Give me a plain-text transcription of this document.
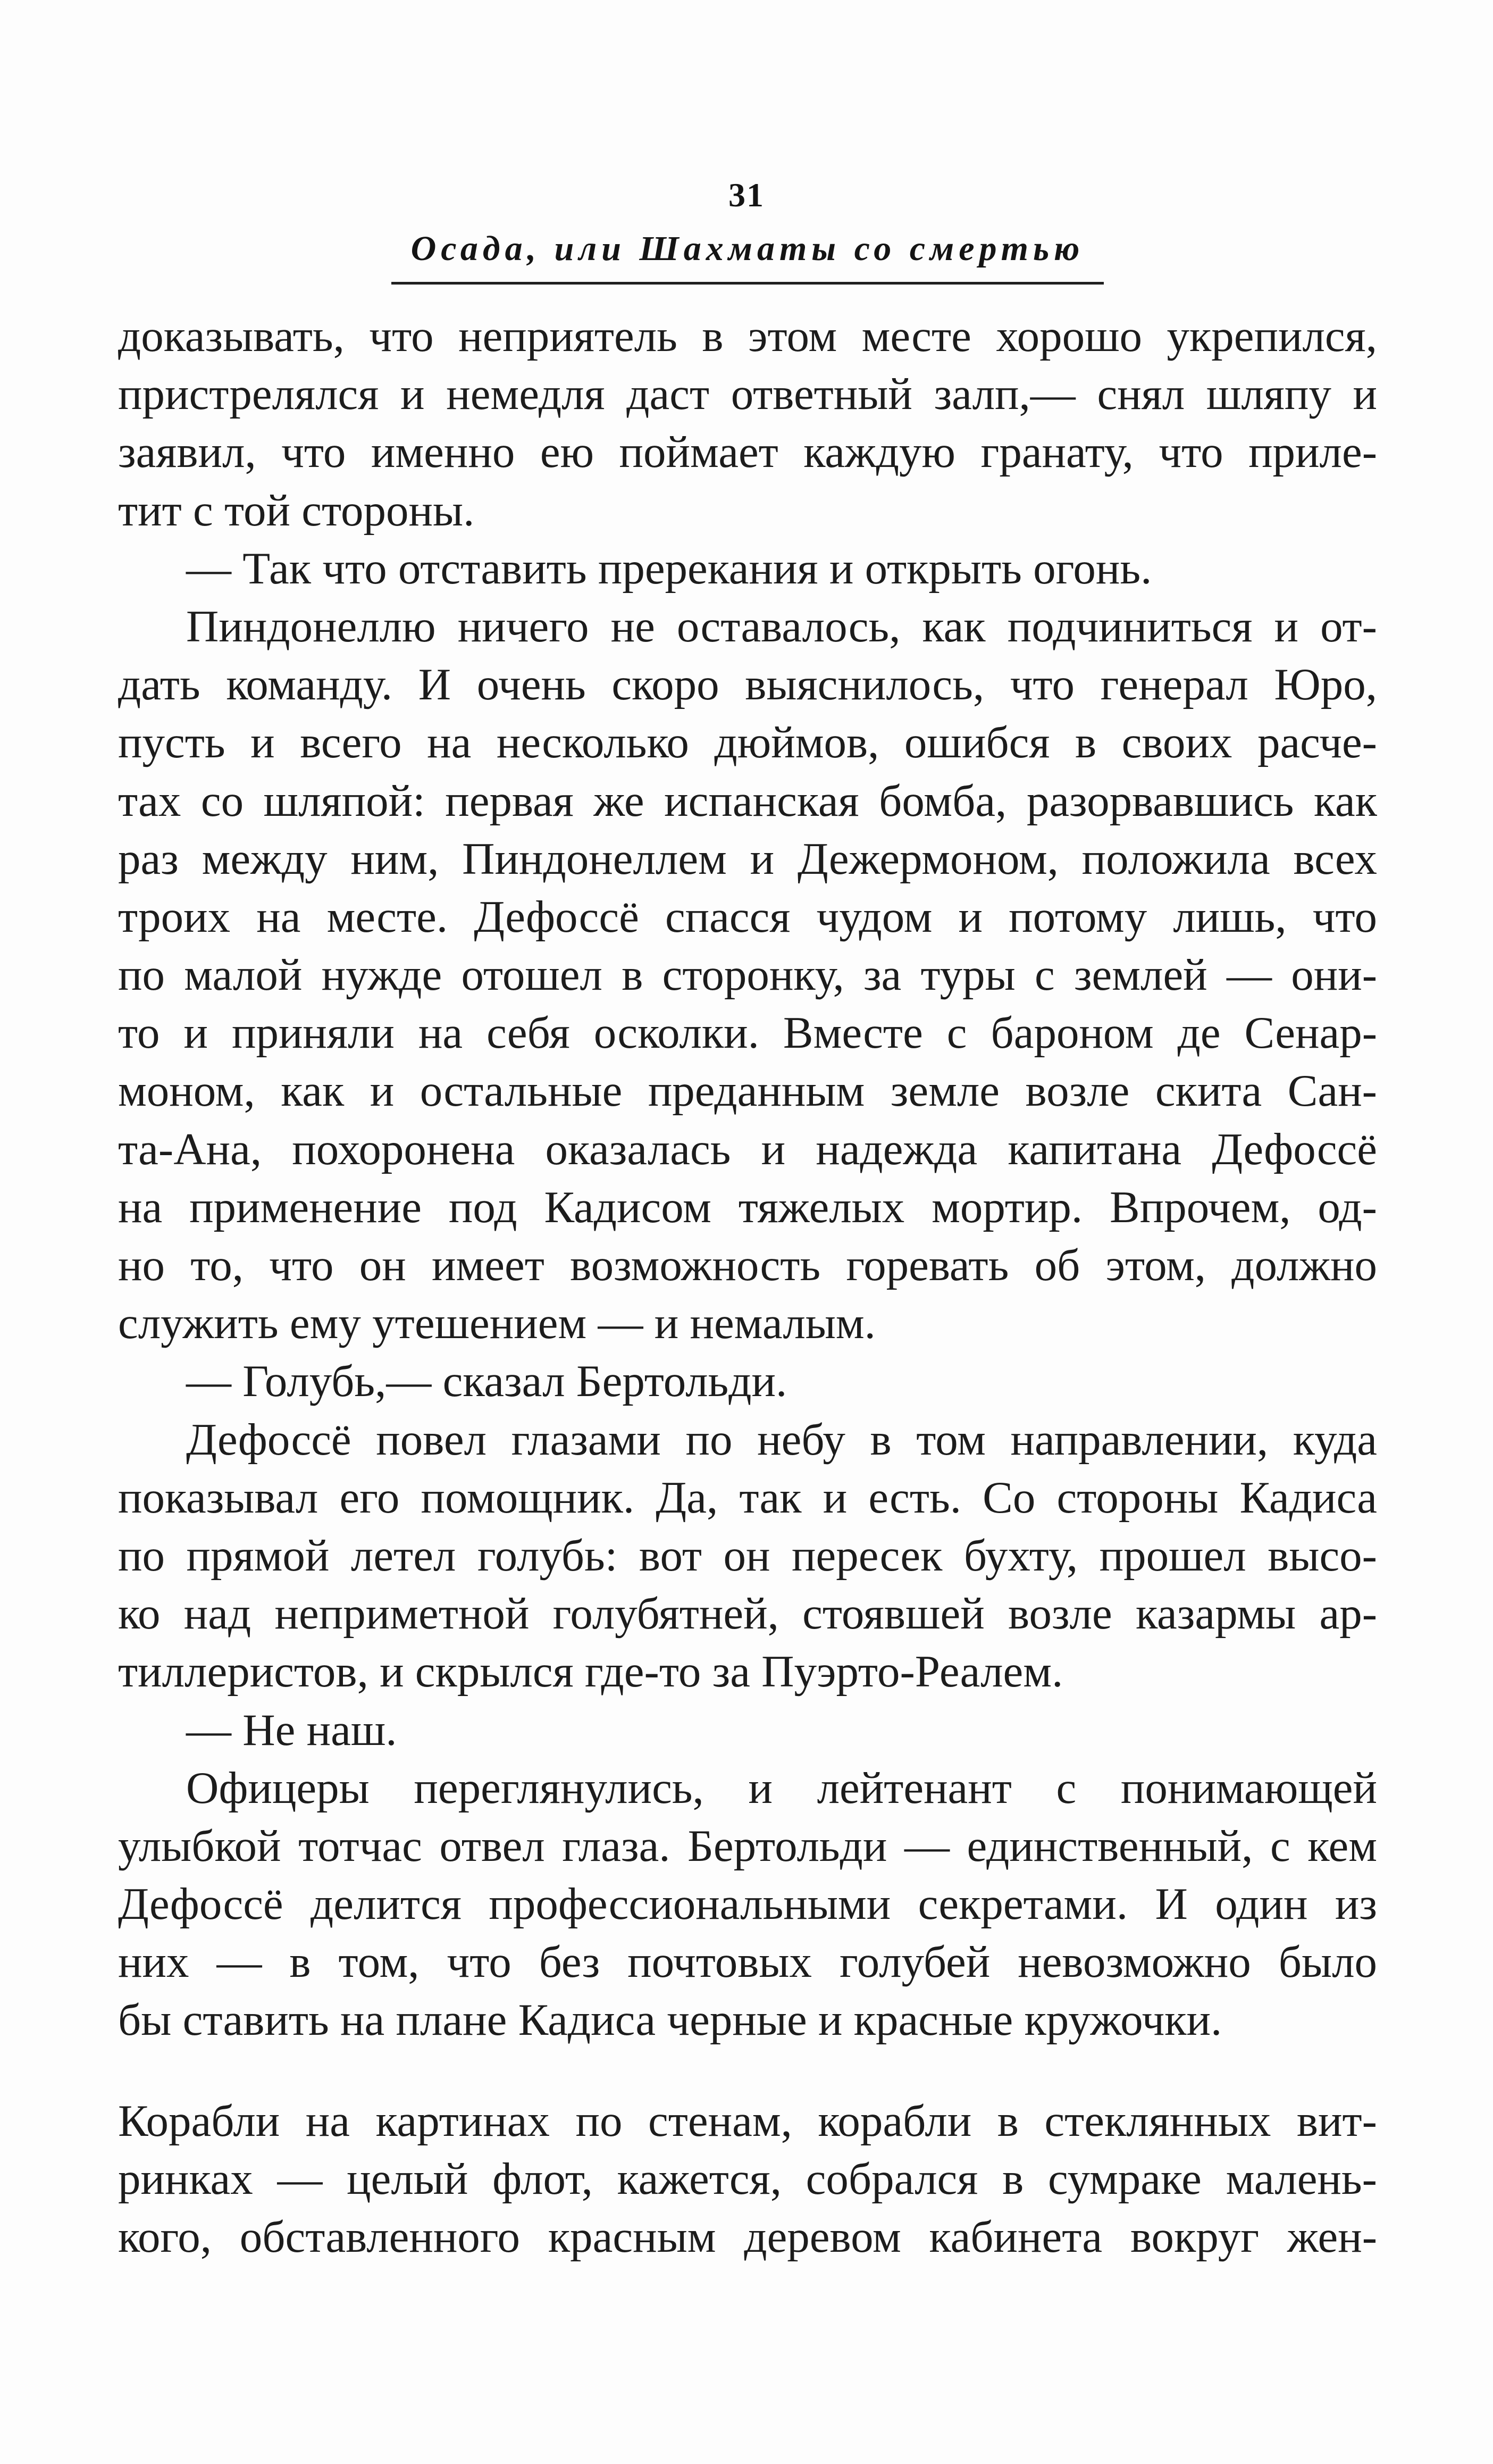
31
Осада, или Шахматы со смертью
доказывать, что неприятель в этом месте хорошо укрепился,
пристрелялся и немедля даст ответный залп,— снял шляпу и
заявил, что именно ею поймает каждую гранату, что приле-
тит с той стороны.
— Так что отставить пререкания и открыть огонь.
Пиндонеллю ничего не оставалось, как подчиниться и от-
дать команду. И очень скоро выяснилось, что генерал Юро,
пусть и всего на несколько дюймов, ошибся в своих расче-
тах со шляпой: первая же испанская бомба, разорвавшись как
раз между ним, Пиндонеллем и Дежермоном, положила всех
троих на месте. Дефоссё спасся чудом и потому лишь, что
по малой нужде отошел в сторонку, за туры с землей — они-
то и приняли на себя осколки. Вместе с бароном де Сенар-
моном, как и остальные преданным земле возле скита Сан-
та-Ана, похоронена оказалась и надежда капитана Дефоссё
на применение под Кадисом тяжелых мортир. Впрочем, од-
но то, что он имеет возможность горевать об этом, должно
служить ему утешением — и немалым.
— Голубь,— сказал Бертольди.
Дефоссё повел глазами по небу в том направлении, куда
показывал его помощник. Да, так и есть. Со стороны Кадиса
по прямой летел голубь: вот он пересек бухту, прошел высо-
ко над неприметной голубятней, стоявшей возле казармы ар-
тиллеристов, и скрылся где-то за Пуэрто-Реалем.
— Не наш.
Офицеры переглянулись, и лейтенант с понимающей
улыбкой тотчас отвел глаза. Бертольди — единственный, с кем
Дефоссё делится профессиональными секретами. И один из
них — в том, что без почтовых голубей невозможно было
бы ставить на плане Кадиса черные и красные кружочки.
Корабли на картинах по стенам, корабли в стеклянных вит-
ринках — целый флот, кажется, собрался в сумраке малень-
кого, обставленного красным деревом кабинета вокруг жен-
